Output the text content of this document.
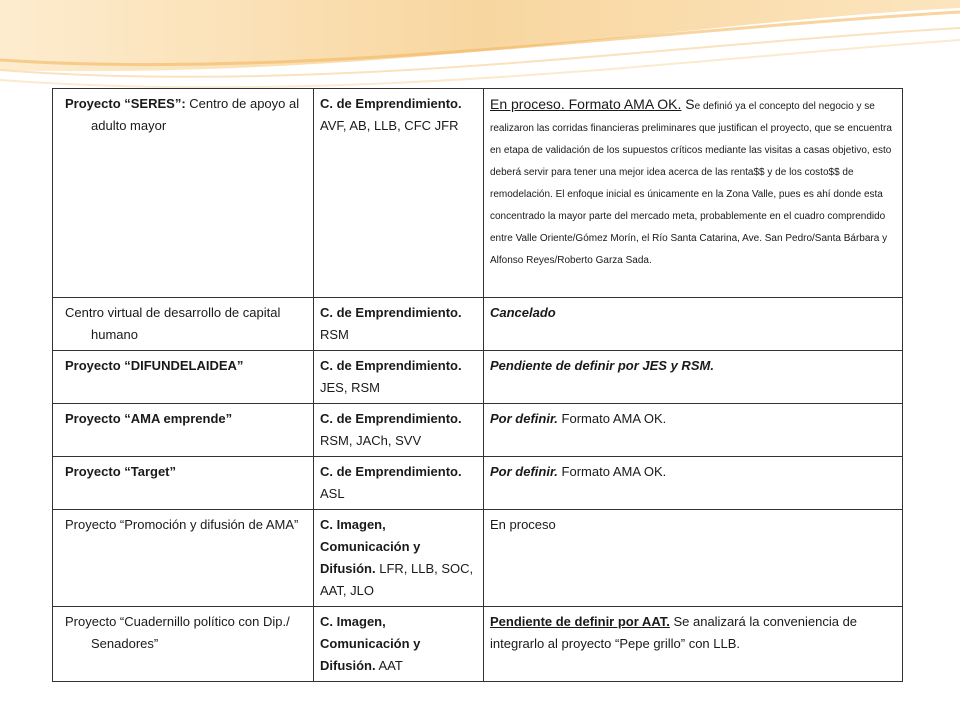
Proyecto “SERES”: Centro de apoyo al adulto mayor	C. de Emprendimiento. AVF, AB, LLB, CFC JFR	En proceso. Formato AMA OK. Se definió ya el concepto del negocio y se realizaron las corridas financieras preliminares que justifican el proyecto, que se encuentra en etapa de validación de los supuestos críticos mediante las visitas a casas objetivo, esto deberá servir para tener una mejor idea acerca de las renta$$ y de los costo$$ de remodelación. El enfoque inicial es únicamente en la Zona Valle, pues es ahí donde esta concentrado la mayor parte del mercado meta, probablemente en el cuadro comprendido entre Valle Oriente/Gómez Morín, el Río Santa Catarina, Ave. San Pedro/Santa Bárbara y Alfonso Reyes/Roberto Garza Sada.

Centro virtual de desarrollo de capital humano	C. de Emprendimiento. RSM	Cancelado

Proyecto “DIFUNDELAIDEA”	C. de Emprendimiento. JES, RSM	Pendiente de definir por JES y RSM.

Proyecto “AMA emprende”	C. de Emprendimiento. RSM, JACh, SVV	Por definir. Formato AMA OK.

Proyecto “Target”	C. de Emprendimiento. ASL	Por definir. Formato AMA OK.

Proyecto “Promoción y difusión de AMA”	C. Imagen, Comunicación y Difusión. LFR, LLB, SOC, AAT, JLO	En proceso

Proyecto “Cuadernillo político con Dip./ Senadores”	C. Imagen, Comunicación y Difusión. AAT	Pendiente de definir por AAT. Se analizará la conveniencia de integrarlo al proyecto “Pepe grillo” con LLB.
